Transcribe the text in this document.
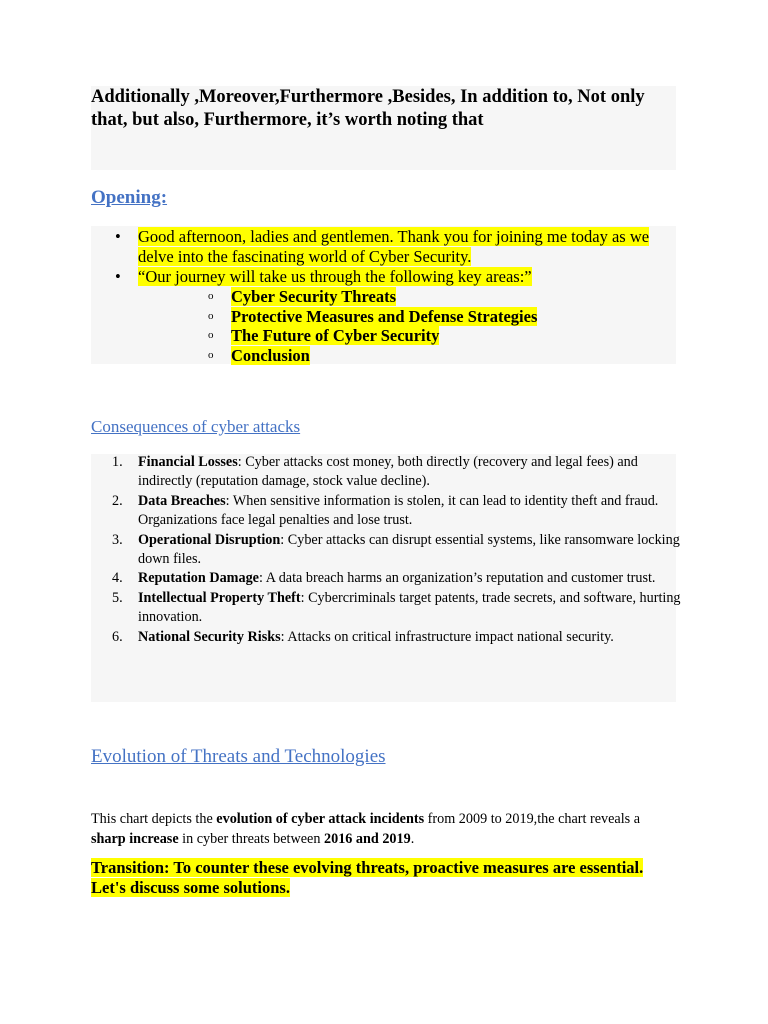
Additionally ,Moreover,Furthermore ,Besides, In addition to, Not only that, but also, Furthermore, it’s worth noting that

Opening:
• Good afternoon, ladies and gentlemen. Thank you for joining me today as we delve into the fascinating world of Cyber Security.
• “Our journey will take us through the following key areas:”
o Cyber Security Threats
o Protective Measures and Defense Strategies
o The Future of Cyber Security
o Conclusion
Consequences of cyber attacks
1. Financial Losses: Cyber attacks cost money, both directly (recovery and legal fees) and indirectly (reputation damage, stock value decline).
2. Data Breaches: When sensitive information is stolen, it can lead to identity theft and fraud. Organizations face legal penalties and lose trust.
3. Operational Disruption: Cyber attacks can disrupt essential systems, like ransomware locking down files.
4. Reputation Damage: A data breach harms an organization’s reputation and customer trust.
5. Intellectual Property Theft: Cybercriminals target patents, trade secrets, and software, hurting innovation.
6. National Security Risks: Attacks on critical infrastructure impact national security.
Evolution of Threats and Technologies

This chart depicts the evolution of cyber attack incidents from 2009 to 2019,the chart reveals a sharp increase in cyber threats between 2016 and 2019.

Transition: To counter these evolving threats, proactive measures are essential. Let's discuss some solutions.
